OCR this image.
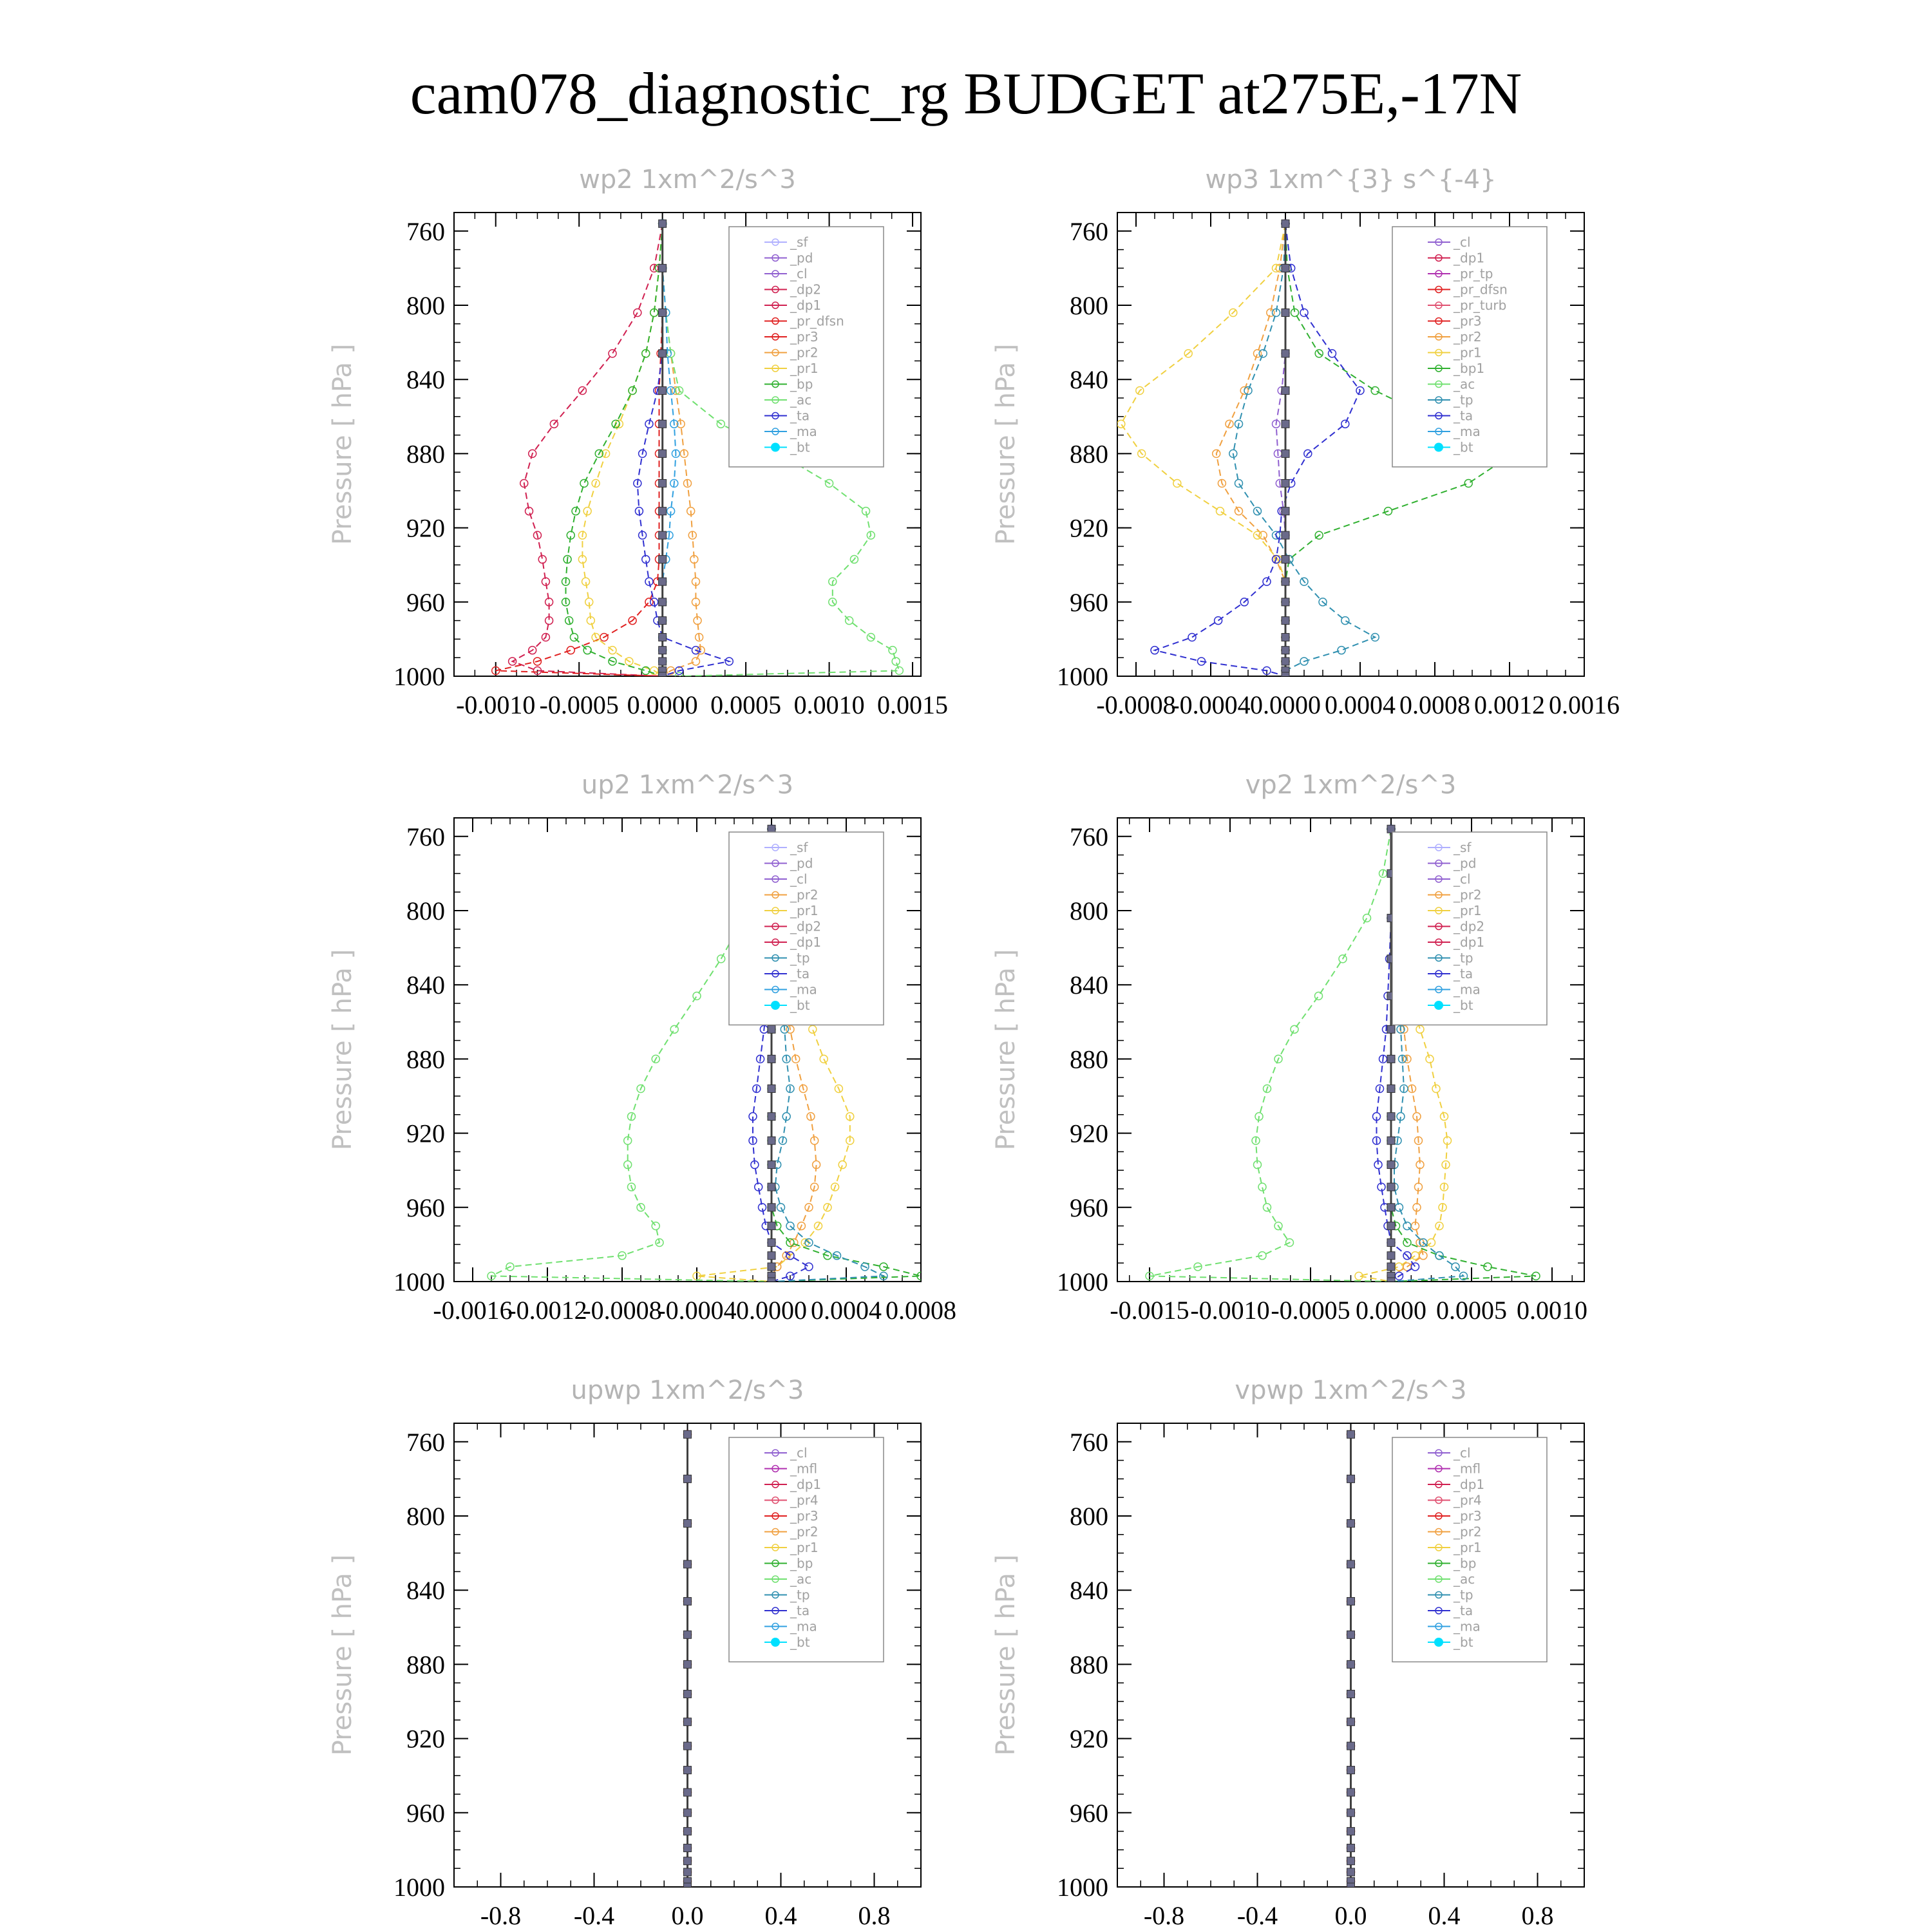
cam078_diagnostic_rg BUDGET at275E,-17N
wp2 1xm^2/s^3
Pressure [ hPa ]
760
800
840
880
920
960
1000
-0.0010 -0.0005 0.0000 0.0005 0.0010 0.0015
_sf
_pd
_cl
_dp2
_dp1
_pr_dfsn
_pr3
_pr2
_pr1
_bp
_ac
_ta
_ma
_bt
wp3 1xm^{3} s^{-4}
Pressure [ hPa ]
760
800
840
880
920
960
1000
-0.0008
-0.0004 0.0000 0.0004 0.0008 0.0012 0.0016
_cl
_dp1
_pr_tp
_pr_dfsn
_pr_turb
_pr3
_pr2
_pr1
_bp1
_ac
_tp
_ta
_ma
_bt
up2 1xm^2/s^3
Pressure [ hPa ]
760
800
840
880
920
960
1000
-0.0016
-0.0012
-0.0008
-0.0004 0.0000 0.0004 0.0008
_sf
_pd
_cl
_pr2
_pr1
_dp2
_dp1
_tp
_ta
_ma
_bt
vp2 1xm^2/s^3
Pressure [ hPa ]
760
800
840
880
920
960
1000
-0.0015 -0.0010 -0.0005 0.0000 0.0005 0.0010
_sf
_pd
_cl
_pr2
_pr1
_dp2
_dp1
_tp
_ta
_ma
_bt
upwp 1xm^2/s^3
Pressure [ hPa ]
760
800
840
880
920
960
1000
-0.8 -0.4 0.0 0.4 0.8
_cl
_mfl
_dp1
_pr4
_pr3
_pr2
_pr1
_bp
_ac
_tp
_ta
_ma
_bt
vpwp 1xm^2/s^3
Pressure [ hPa ]
760
800
840
880
920
960
1000
-0.8 -0.4 0.0 0.4 0.8
_cl
_mfl
_dp1
_pr4
_pr3
_pr2
_pr1
_bp
_ac
_tp
_ta
_ma
_bt
